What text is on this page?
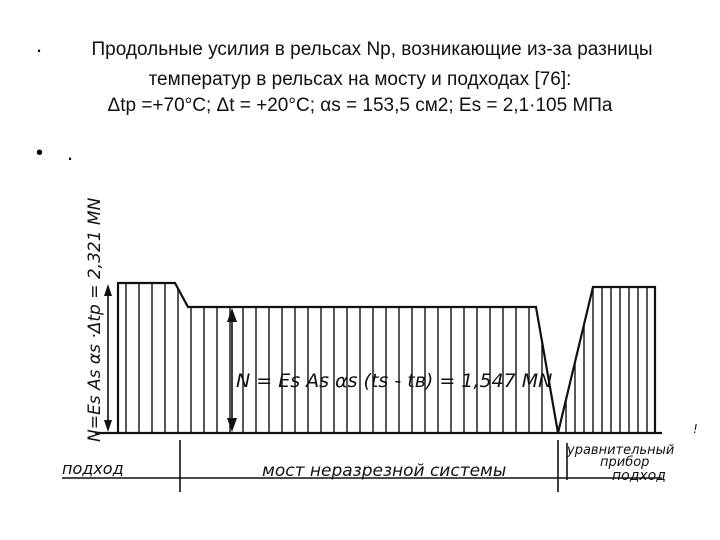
.
• .
Продольные усилия в рельсах Nр, возникающие из-за разницы
температур в рельсах на мосту и подходах [76]:
Δtр =+70°С; Δt = +20°С; αs = 153,5 см2; Es = 2,1·105 МПа
N=Es As αs ·Δtр = 2,321 MN	N = Es As αs (ts - tв) = 1,547 MN
подход	мост неразрезной системы
уравнительный
прибор
подход
!
